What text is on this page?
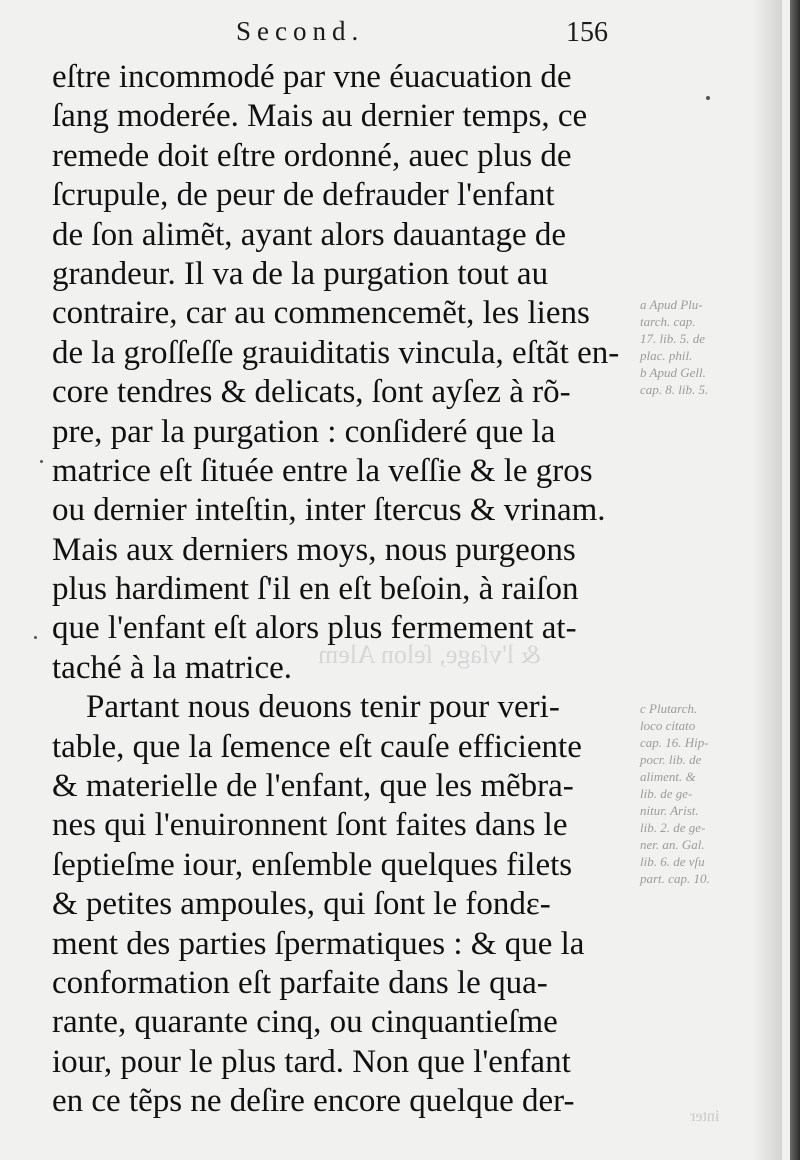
Second.	156
& l'vſage, ſelon Alem
inter
eſtre incommodé par vne éuacuation de
ſang moderée. Mais au dernier temps, ce
remede doit eſtre ordonné, auec plus de
ſcrupule, de peur de defrauder l'enfant
de ſon alimẽt, ayant alors dauantage de
grandeur. Il va de la purgation tout au
contraire, car au commencemẽt, les liens
de la groſſeſſe grauiditatis vincula, eſtãt en-
core tendres & delicats, ſont ayſez à rõ-
pre, par la purgation : conſideré que la
matrice eſt ſituée entre la veſſie & le gros
ou dernier inteſtin, inter ſtercus & vrinam.
Mais aux derniers moys, nous purgeons
plus hardiment ſ'il en eſt beſoin, à raiſon
que l'enfant eſt alors plus fermement at-
taché à la matrice.
Partant nous deuons tenir pour veri-
table, que la ſemence eſt cauſe efficiente
& materielle de l'enfant, que les mẽbra-
nes qui l'enuironnent ſont faites dans le
ſeptieſme iour, enſemble quelques filets
& petites ampoules, qui ſont le fondε-
ment des parties ſpermatiques : & que la
conformation eſt parfaite dans le qua-
rante, quarante cinq, ou cinquantieſme
iour, pour le plus tard. Non que l'enfant
en ce tẽps ne deſire encore quelque der-
a Apud Plu-
tarch. cap.
17. lib. 5. de
plac. phil.
b Apud Gell.
cap. 8. lib. 5.
c Plutarch.
loco citato
cap. 16. Hip-
pocr. lib. de
aliment. &
lib. de ge-
nitur. Arist.
lib. 2. de ge-
ner. an. Gal.
lib. 6. de vſu
part. cap. 10.
